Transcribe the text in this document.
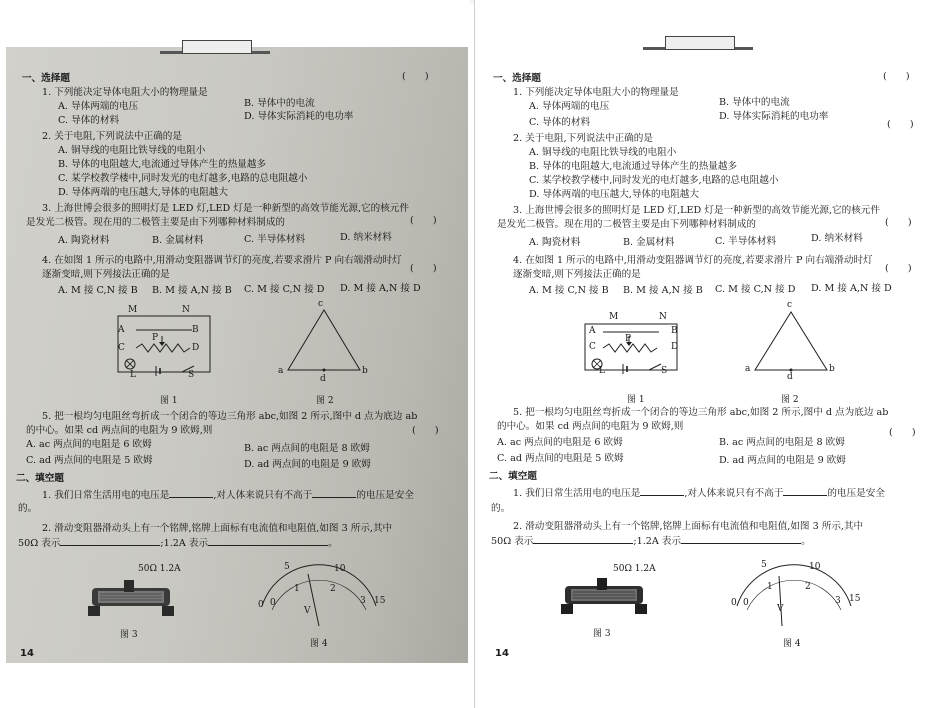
一、选择题	(　　)
1. 下列能决定导体电阻大小的物理量是
A. 导体两端的电压	B. 导体中的电流
C. 导体的材料	D. 导体实际消耗的电功率
2. 关于电阻,下列说法中正确的是
A. 铜导线的电阻比铁导线的电阻小
B. 导体的电阻越大,电流通过导体产生的热量越多
C. 某学校教学楼中,同时发光的电灯越多,电路的总电阻越小
D. 导体两端的电压越大,导体的电阻越大
3. 上海世博会很多的照明灯是 LED 灯,LED 灯是一种新型的高效节能光源,它的核元件
是发光二极管。现在用的二极管主要是由下列哪种材料制成的	(　　)
A. 陶瓷材料	B. 金属材料	C. 半导体材料	D. 纳米材料
4. 在如图 1 所示的电路中,用滑动变阻器调节灯的亮度,若要求滑片 P 向右端滑动时灯
逐渐变暗,则下列接法正确的是
(　　)
A. M 接 C,N 接 B B. M 接 A,N 接 B C. M 接 C,N 接 D D. M 接 A,N 接 D
M	N
A	B
C	D
P
L	S
图 1
c
a	b
d
图 2
5. 把一根均匀电阻丝弯折成一个闭合的等边三角形 abc,如图 2 所示,图中 d 点为底边 ab
的中心。如果 cd 两点间的电阻为 9 欧姆,则	(　　)
A. ac 两点间的电阻是 6 欧姆	B. ac 两点间的电阻是 8 欧姆
C. ad 两点间的电阻是 5 欧姆	D. ad 两点间的电阻是 9 欧姆
二、填空题
1. 我们日常生活用电的电压是	,对人体来说只有不高于	的电压是安全
的。
2. 滑动变阻器滑动头上有一个铭牌,铭牌上面标有电流值和电阻值,如图 3 所示,其中
50Ω 表示	;1.2A 表示	。
50Ω 1.2A
图 3
0
5	10
15
0
1	2
3
V
图 4
14
一、选择题	(　　)
1. 下列能决定导体电阻大小的物理量是
A. 导体两端的电压	B. 导体中的电流
C. 导体的材料
D. 导体实际消耗的电功率
(　　)
2. 关于电阻,下列说法中正确的是
A. 铜导线的电阻比铁导线的电阻小
B. 导体的电阻越大,电流通过导体产生的热量越多
C. 某学校教学楼中,同时发光的电灯越多,电路的总电阻越小
D. 导体两端的电压越大,导体的电阻越大
3. 上海世博会很多的照明灯是 LED 灯,LED 灯是一种新型的高效节能光源,它的核元件
是发光二极管。现在用的二极管主要是由下列哪种材料制成的	(　　)
A. 陶瓷材料	B. 金属材料	C. 半导体材料	D. 纳米材料
4. 在如图 1 所示的电路中,用滑动变阻器调节灯的亮度,若要求滑片 P 向右端滑动时灯
逐渐变暗,则下列接法正确的是
(　　)
A. M 接 C,N 接 B B. M 接 A,N 接 B C. M 接 C,N 接 D D. M 接 A,N 接 D
M	N
A	B
C	D
P
L	S
图 1
c
a	b
d
图 2
5. 把一根均匀电阻丝弯折成一个闭合的等边三角形 abc,如图 2 所示,图中 d 点为底边 ab
的中心。如果 cd 两点间的电阻为 9 欧姆,则
(　　)
A. ac 两点间的电阻是 6 欧姆	B. ac 两点间的电阻是 8 欧姆
C. ad 两点间的电阻是 5 欧姆	D. ad 两点间的电阻是 9 欧姆
二、填空题
1. 我们日常生活用电的电压是	,对人体来说只有不高于	的电压是安全
的。
2. 滑动变阻器滑动头上有一个铭牌,铭牌上面标有电流值和电阻值,如图 3 所示,其中
50Ω 表示	;1.2A 表示	。
50Ω 1.2A
图 3
0
5	10
15
0
1	2
3
V
图 4
14
